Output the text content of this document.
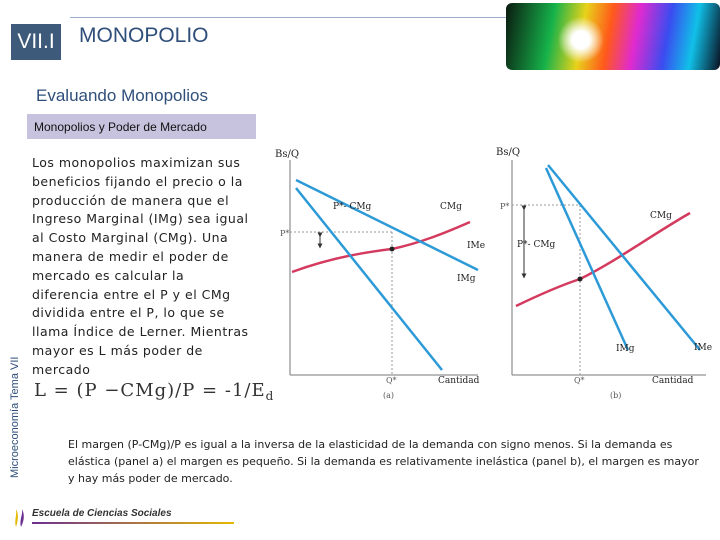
VII.I	MONOPOLIO
Evaluando Monopolios
Monopolios y Poder de Mercado
Microeconomía Tema VII
Los monopolios maximizan sus beneficios fijando el precio o la producción de manera que el Ingreso Marginal (IMg) sea igual al Costo Marginal (CMg). Una manera de medir el poder de mercado es calcular la diferencia entre el P y el CMg dividida entre el P, lo que se llama Índice de Lerner. Mientras mayor es L más poder de mercado
$L = (P -CMg)/P = -1/E_d$
Bs/Q
P*
P*- CMg	CMg
IMe
IMg
Q*	Cantidad
(a)
Bs/Q
P*
P*- CMg
CMg
IMg	IMe
Q*	Cantidad
(b)
El margen (P-CMg)/P es igual a la inversa de la elasticidad de la demanda con signo menos. Si la demanda es elástica (panel a) el margen es pequeño. Si la demanda es relativamente inelástica (panel b), el margen es mayor y hay más poder de mercado.
Escuela de Ciencias Sociales
